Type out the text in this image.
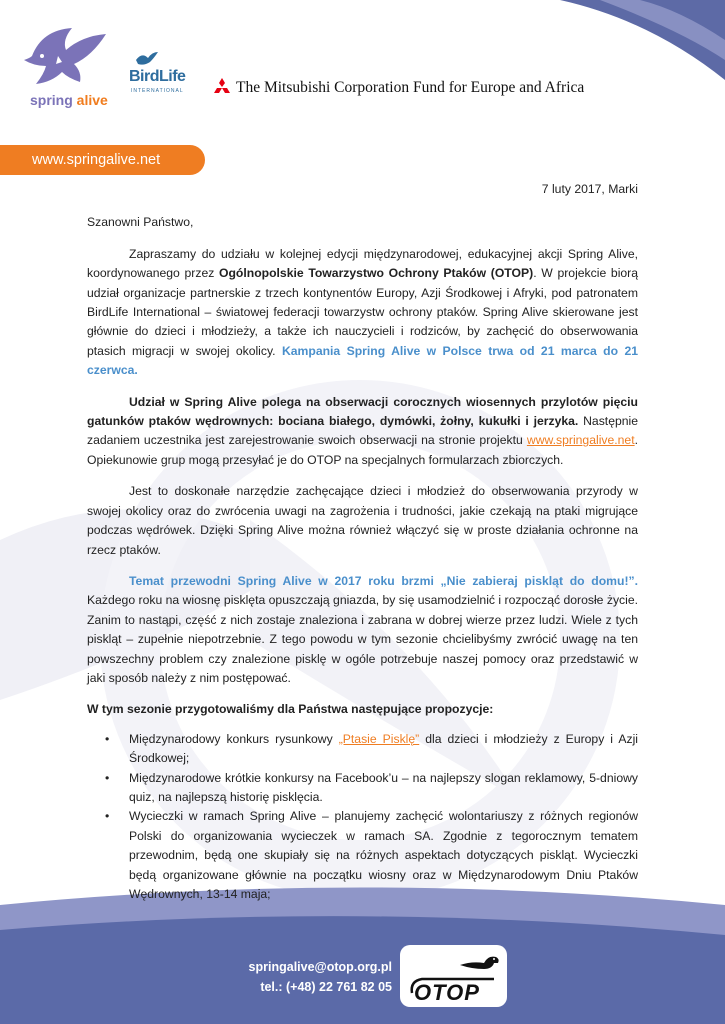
spring alive
BirdLife
INTERNATIONAL	The Mitsubishi Corporation Fund for Europe and Africa
www.springalive.net

7 luty 2017, Marki

Szanowni Państwo,

Zapraszamy do udziału w kolejnej edycji międzynarodowej, edukacyjnej akcji Spring Alive, koordynowanego przez Ogólnopolskie Towarzystwo Ochrony Ptaków (OTOP). W projekcie biorą udział organizacje partnerskie z trzech kontynentów Europy, Azji Środkowej i Afryki, pod patronatem BirdLife International – światowej federacji towarzystw ochrony ptaków. Spring Alive skierowane jest głównie do dzieci i młodzieży, a także ich nauczycieli i rodziców, by zachęcić do obserwowania ptasich migracji w swojej okolicy. Kampania Spring Alive w Polsce trwa od 21 marca do 21 czerwca.

Udział w Spring Alive polega na obserwacji corocznych wiosennych przylotów pięciu gatunków ptaków wędrownych: bociana białego, dymówki, żołny, kukułki i jerzyka. Następnie zadaniem uczestnika jest zarejestrowanie swoich obserwacji na stronie projektu www.springalive.net. Opiekunowie grup mogą przesyłać je do OTOP na specjalnych formularzach zbiorczych.

Jest to doskonałe narzędzie zachęcające dzieci i młodzież do obserwowania przyrody w swojej okolicy oraz do zwrócenia uwagi na zagrożenia i trudności, jakie czekają na ptaki migrujące podczas wędrówek. Dzięki Spring Alive można również włączyć się w proste działania ochronne na rzecz ptaków.

Temat przewodni Spring Alive w 2017 roku brzmi „Nie zabieraj piskląt do domu!”. Każdego roku na wiosnę pisklęta opuszczają gniazda, by się usamodzielnić i rozpocząć dorosłe życie. Zanim to nastąpi, część z nich zostaje znaleziona i zabrana w dobrej wierze przez ludzi. Wiele z tych piskląt – zupełnie niepotrzebnie. Z tego powodu w tym sezonie chcielibyśmy zwrócić uwagę na ten powszechny problem czy znalezione pisklę w ogóle potrzebuje naszej pomocy oraz przedstawić w jaki sposób należy z nim postępować.

W tym sezonie przygotowaliśmy dla Państwa następujące propozycje:

• Międzynarodowy konkurs rysunkowy „Ptasie Pisklę” dla dzieci i młodzieży z Europy i Azji Środkowej;
• Międzynarodowe krótkie konkursy na Facebook’u – na najlepszy slogan reklamowy, 5-dniowy quiz, na najlepszą historię pisklęcia.
• Wycieczki w ramach Spring Alive – planujemy zachęcić wolontariuszy z różnych regionów Polski do organizowania wycieczek w ramach SA. Zgodnie z tegorocznym tematem przewodnim, będą one skupiały się na różnych aspektach dotyczących piskląt. Wycieczki będą organizowane głównie na początku wiosny oraz w Międzynarodowym Dniu Ptaków Wędrownych, 13-14 maja;
springalive@otop.org.pl
tel.: (+48) 22 761 82 05 OTOP
